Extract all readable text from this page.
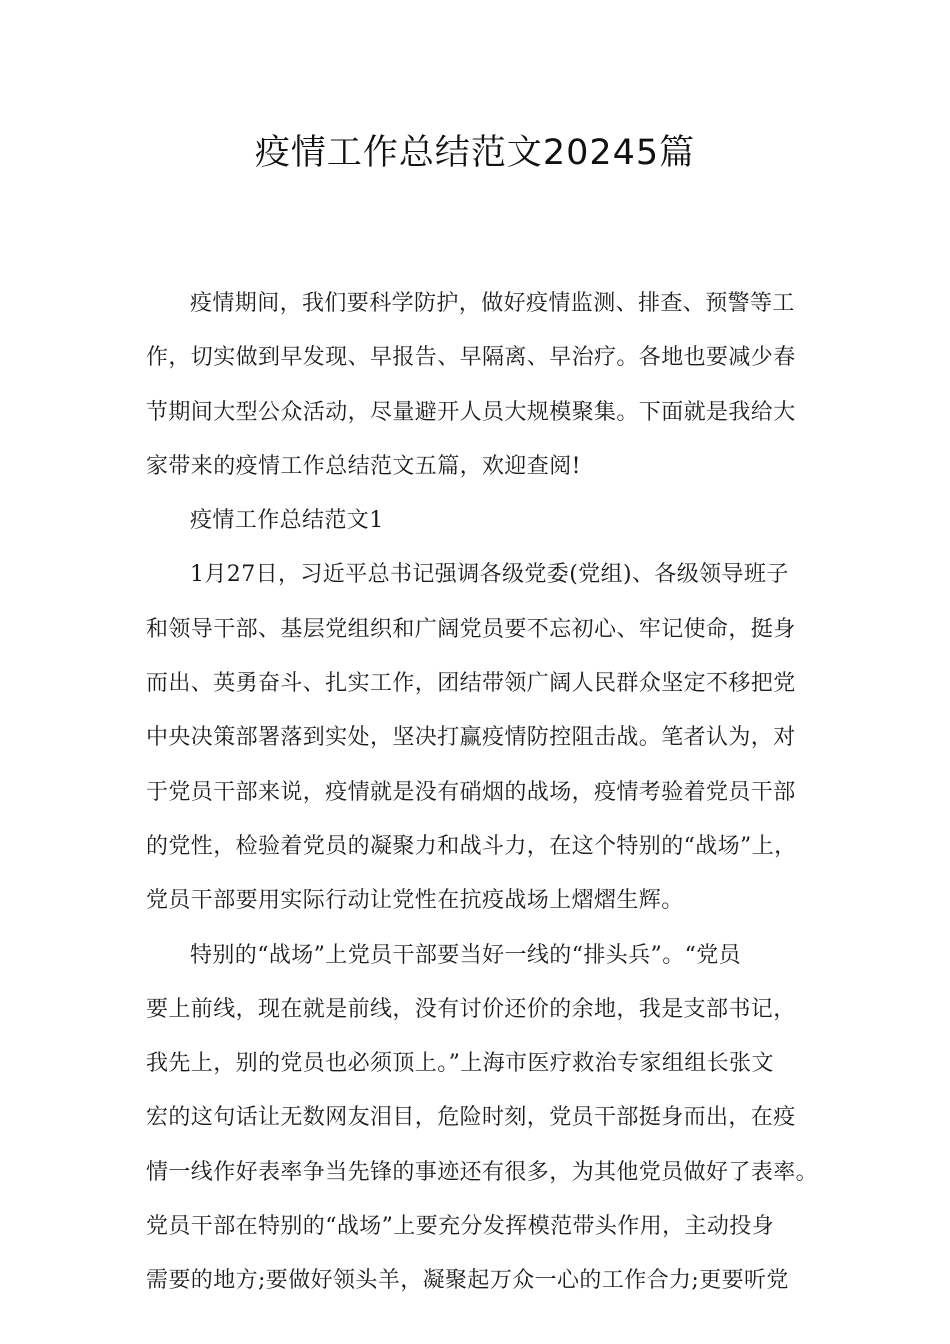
疫情工作总结范文20245篇
疫情期间，我们要科学防护，做好疫情监测、排查、预警等工
作，切实做到早发现、早报告、早隔离、早治疗。各地也要减少春
节期间大型公众活动，尽量避开人员大规模聚集。下面就是我给大
家带来的疫情工作总结范文五篇，欢迎查阅!
疫情工作总结范文1
1月27日，习近平总书记强调各级党委(党组)、各级领导班子
和领导干部、基层党组织和广阔党员要不忘初心、牢记使命，挺身
而出、英勇奋斗、扎实工作，团结带领广阔人民群众坚定不移把党
中央决策部署落到实处，坚决打赢疫情防控阻击战。笔者认为，对
于党员干部来说，疫情就是没有硝烟的战场，疫情考验着党员干部
的党性，检验着党员的凝聚力和战斗力，在这个特别的“战场”上，
党员干部要用实际行动让党性在抗疫战场上熠熠生辉。
特别的“战场”上党员干部要当好一线的“排头兵”。“党员
要上前线，现在就是前线，没有讨价还价的余地，我是支部书记，
我先上，别的党员也必须顶上。”上海市医疗救治专家组组长张文
宏的这句话让无数网友泪目，危险时刻，党员干部挺身而出，在疫
情一线作好表率争当先锋的事迹还有很多，为其他党员做好了表率。
党员干部在特别的“战场”上要充分发挥模范带头作用，主动投身
需要的地方;要做好领头羊，凝聚起万众一心的工作合力;更要听党
